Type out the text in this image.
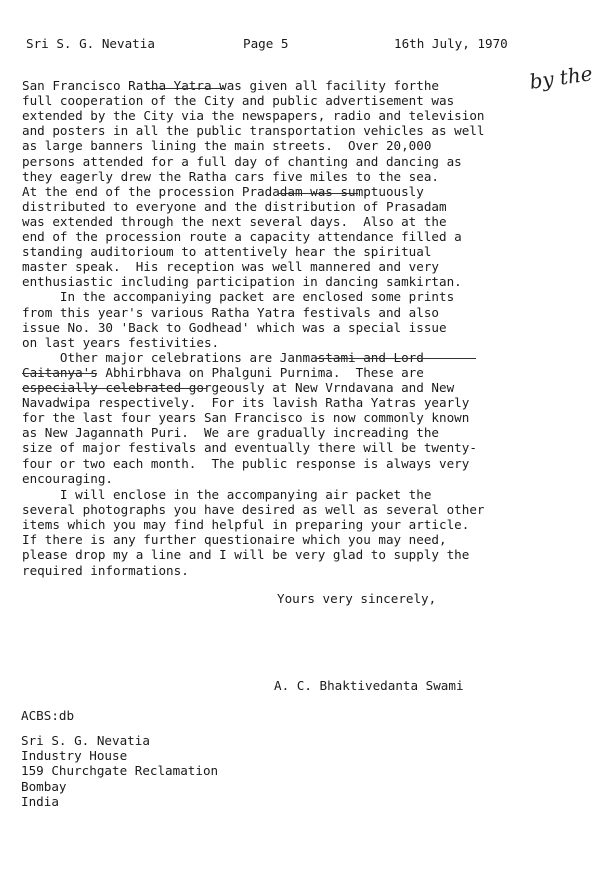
Sri S. G. Nevatia	Page 5	16th July, 1970
by the
San Francisco Ratha Yatra was given all facility forthe
full cooperation of the City and public advertisement was
extended by the City via the newspapers, radio and television
and posters in all the public transportation vehicles as well
as large banners lining the main streets.  Over 20,000
persons attended for a full day of chanting and dancing as
they eagerly drew the Ratha cars five miles to the sea.
At the end of the procession Pradadam was sumptuously
distributed to everyone and the distribution of Prasadam
was extended through the next several days.  Also at the
end of the procession route a capacity attendance filled a
standing auditorioum to attentively hear the spiritual
master speak.  His reception was well mannered and very
enthusiastic including participation in dancing samkirtan.
In the accompaniying packet are enclosed some prints
from this year's various Ratha Yatra festivals and also
issue No. 30 'Back to Godhead' which was a special issue
on last years festivities.
Other major celebrations are Janmastami and Lord
Caitanya's Abhirbhava on Phalguni Purnima.  These are
especially celebrated gorgeously at New Vrndavana and New
Navadwipa respectively.  For its lavish Ratha Yatras yearly
for the last four years San Francisco is now commonly known
as New Jagannath Puri.  We are gradually increading the
size of major festivals and eventually there will be twenty-
four or two each month.  The public response is always very
encouraging.
I will enclose in the accompanying air packet the
several photographs you have desired as well as several other
items which you may find helpful in preparing your article.
If there is any further questionaire which you may need,
please drop my a line and I will be very glad to supply the
required informations.
Yours very sincerely,
A. C. Bhaktivedanta Swami
ACBS:db
Sri S. G. Nevatia
Industry House
159 Churchgate Reclamation
Bombay
India
